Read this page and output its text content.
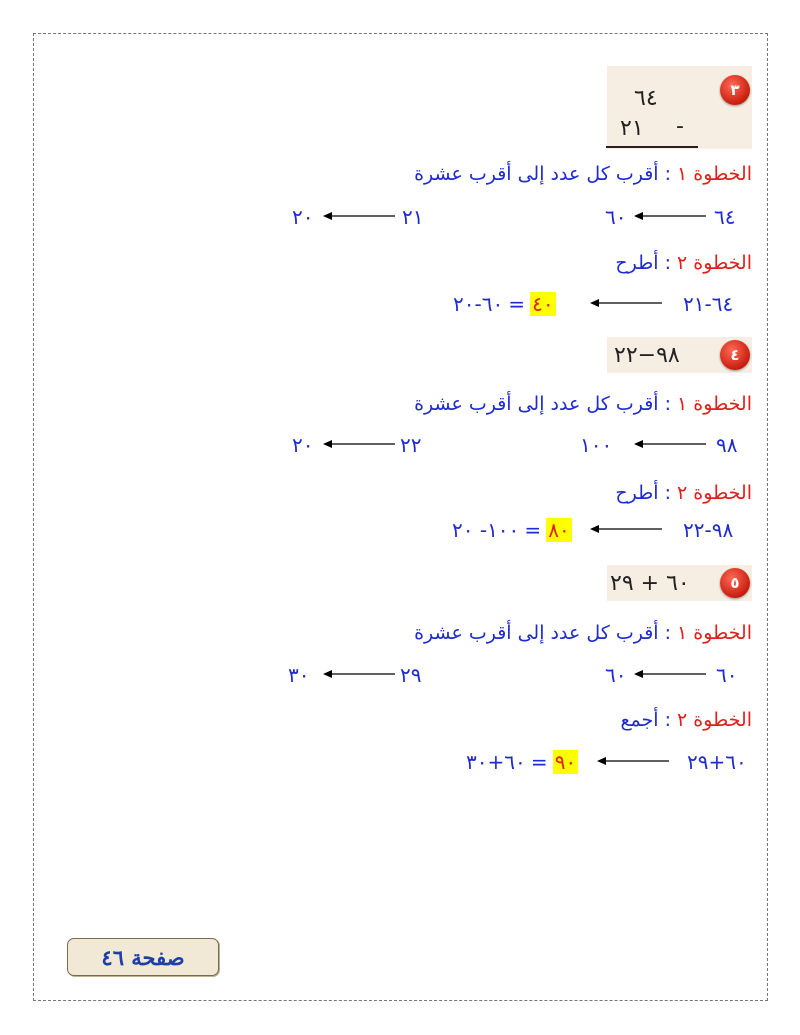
٣
٦٤
٢١ -
الخطوة ١ : أقرب كل عدد إلى أقرب عشرة
٦٠	٦٤
٢٠	٢١
الخطوة ٢ : أطرح
٤٠ = ٦٠-٢٠	٦٤-٢١
٤
٩٨−٢٢
الخطوة ١ : أقرب كل عدد إلى أقرب عشرة
١٠٠	٩٨
٢٠	٢٢
الخطوة ٢ : أطرح
٨٠ = ١٠٠- ٢٠	٩٨-٢٢
٥
٦٠ + ٢٩
الخطوة ١ : أقرب كل عدد إلى أقرب عشرة
٦٠	٦٠
٣٠	٢٩
الخطوة ٢ : أجمع
٩٠ = ٦٠+٣٠	٦٠+٢٩
صفحة ٤٦
